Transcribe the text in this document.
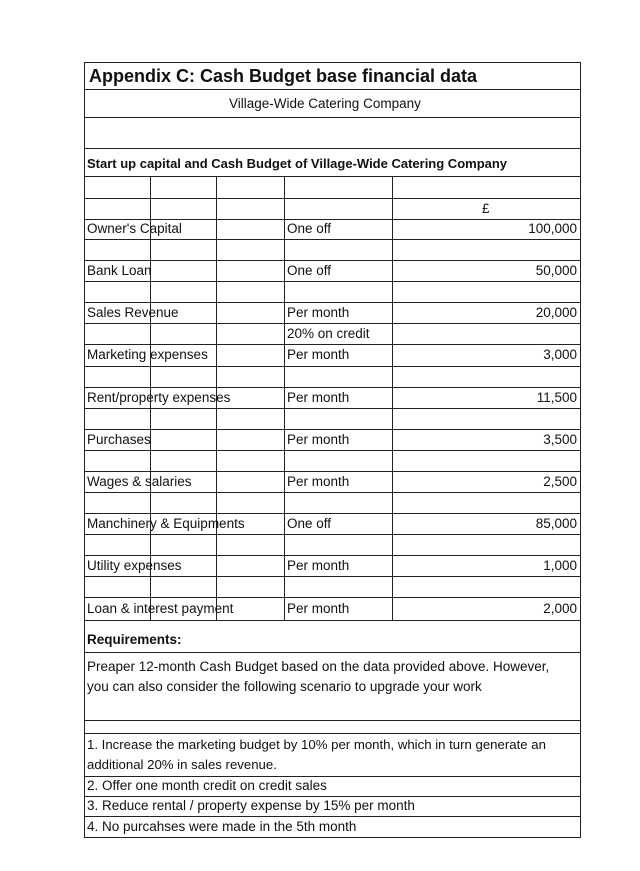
Appendix C: Cash Budget base financial data
Village-Wide Catering Company
Start up capital and Cash Budget of Village-Wide Catering Company
£
Owner's Capital	One off	100,000
Bank Loan	One off	50,000
Sales Revenue	Per month	20,000
20% on credit
Marketing expenses	Per month	3,000
Rent/property expenses	Per month	11,500
Purchases	Per month	3,500
Wages & salaries	Per month	2,500
Manchinery & Equipments	One off	85,000
Utility expenses	Per month	1,000
Loan & interest payment	Per month	2,000
Requirements:
Preaper 12-month Cash Budget based on the data provided above. However, you can also consider the following scenario to upgrade your work
1. Increase the marketing budget by 10% per month, which in turn generate an additional 20% in sales revenue.
2. Offer one month credit on credit sales
3. Reduce rental / property expense by 15% per month
4. No purcahses were made in the 5th month
